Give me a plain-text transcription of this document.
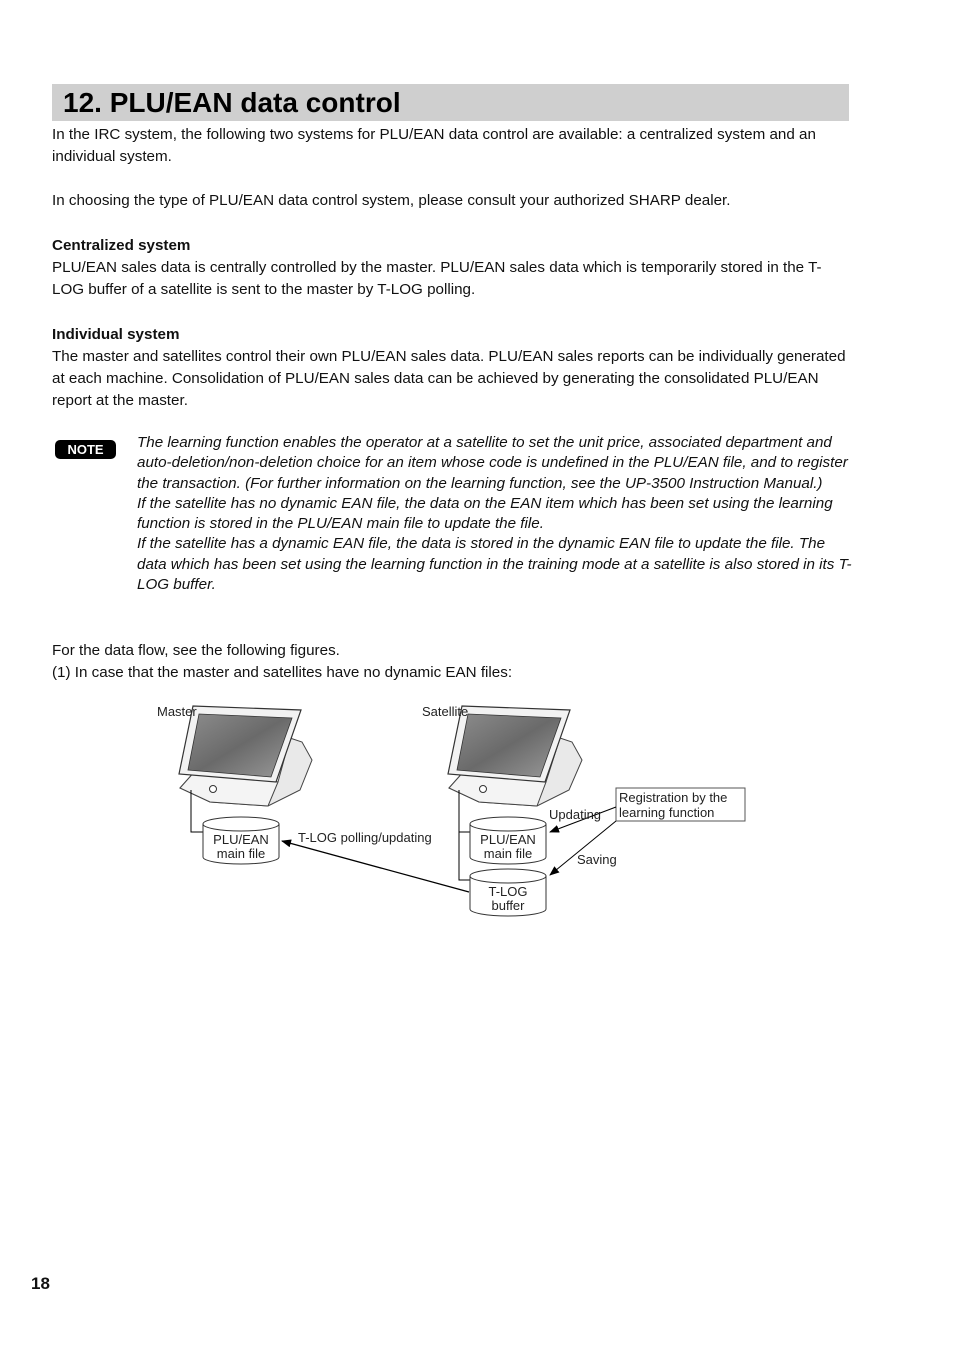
12. PLU/EAN data control

In the IRC system, the following two systems for PLU/EAN data control are available: a centralized system and an individual system.

In choosing the type of PLU/EAN data control system, please consult your authorized SHARP dealer.

Centralized system

PLU/EAN sales data is centrally controlled by the master. PLU/EAN sales data which is temporarily stored in the T-LOG buffer of a satellite is sent to the master by T-LOG polling.

Individual system

The master and satellites control their own PLU/EAN sales data. PLU/EAN sales reports can be individually generated at each machine. Consolidation of PLU/EAN sales data can be achieved by generating the consolidated PLU/EAN report at the master.

NOTE	The learning function enables the operator at a satellite to set the unit price, associated department and auto-deletion/non-deletion choice for an item whose code is undefined in the PLU/EAN file, and to register the transaction. (For further information on the learning function, see the UP-3500 Instruction Manual.)
If the satellite has no dynamic EAN file, the data on the EAN item which has been set using the learning function is stored in the PLU/EAN main file to update the file.
If the satellite has a dynamic EAN file, the data is stored in the dynamic EAN file to update the file. The data which has been set using the learning function in the training mode at a satellite is also stored in its T-LOG buffer.

For the data flow, see the following figures.

(1) In case that the master and satellites have no dynamic EAN files:

Master	Satellite
PLU/EAN
main file
PLU/EAN
main file
T-LOG
buffer
T-LOG polling/updating
Registration by the
learning function
Updating
Saving
18
